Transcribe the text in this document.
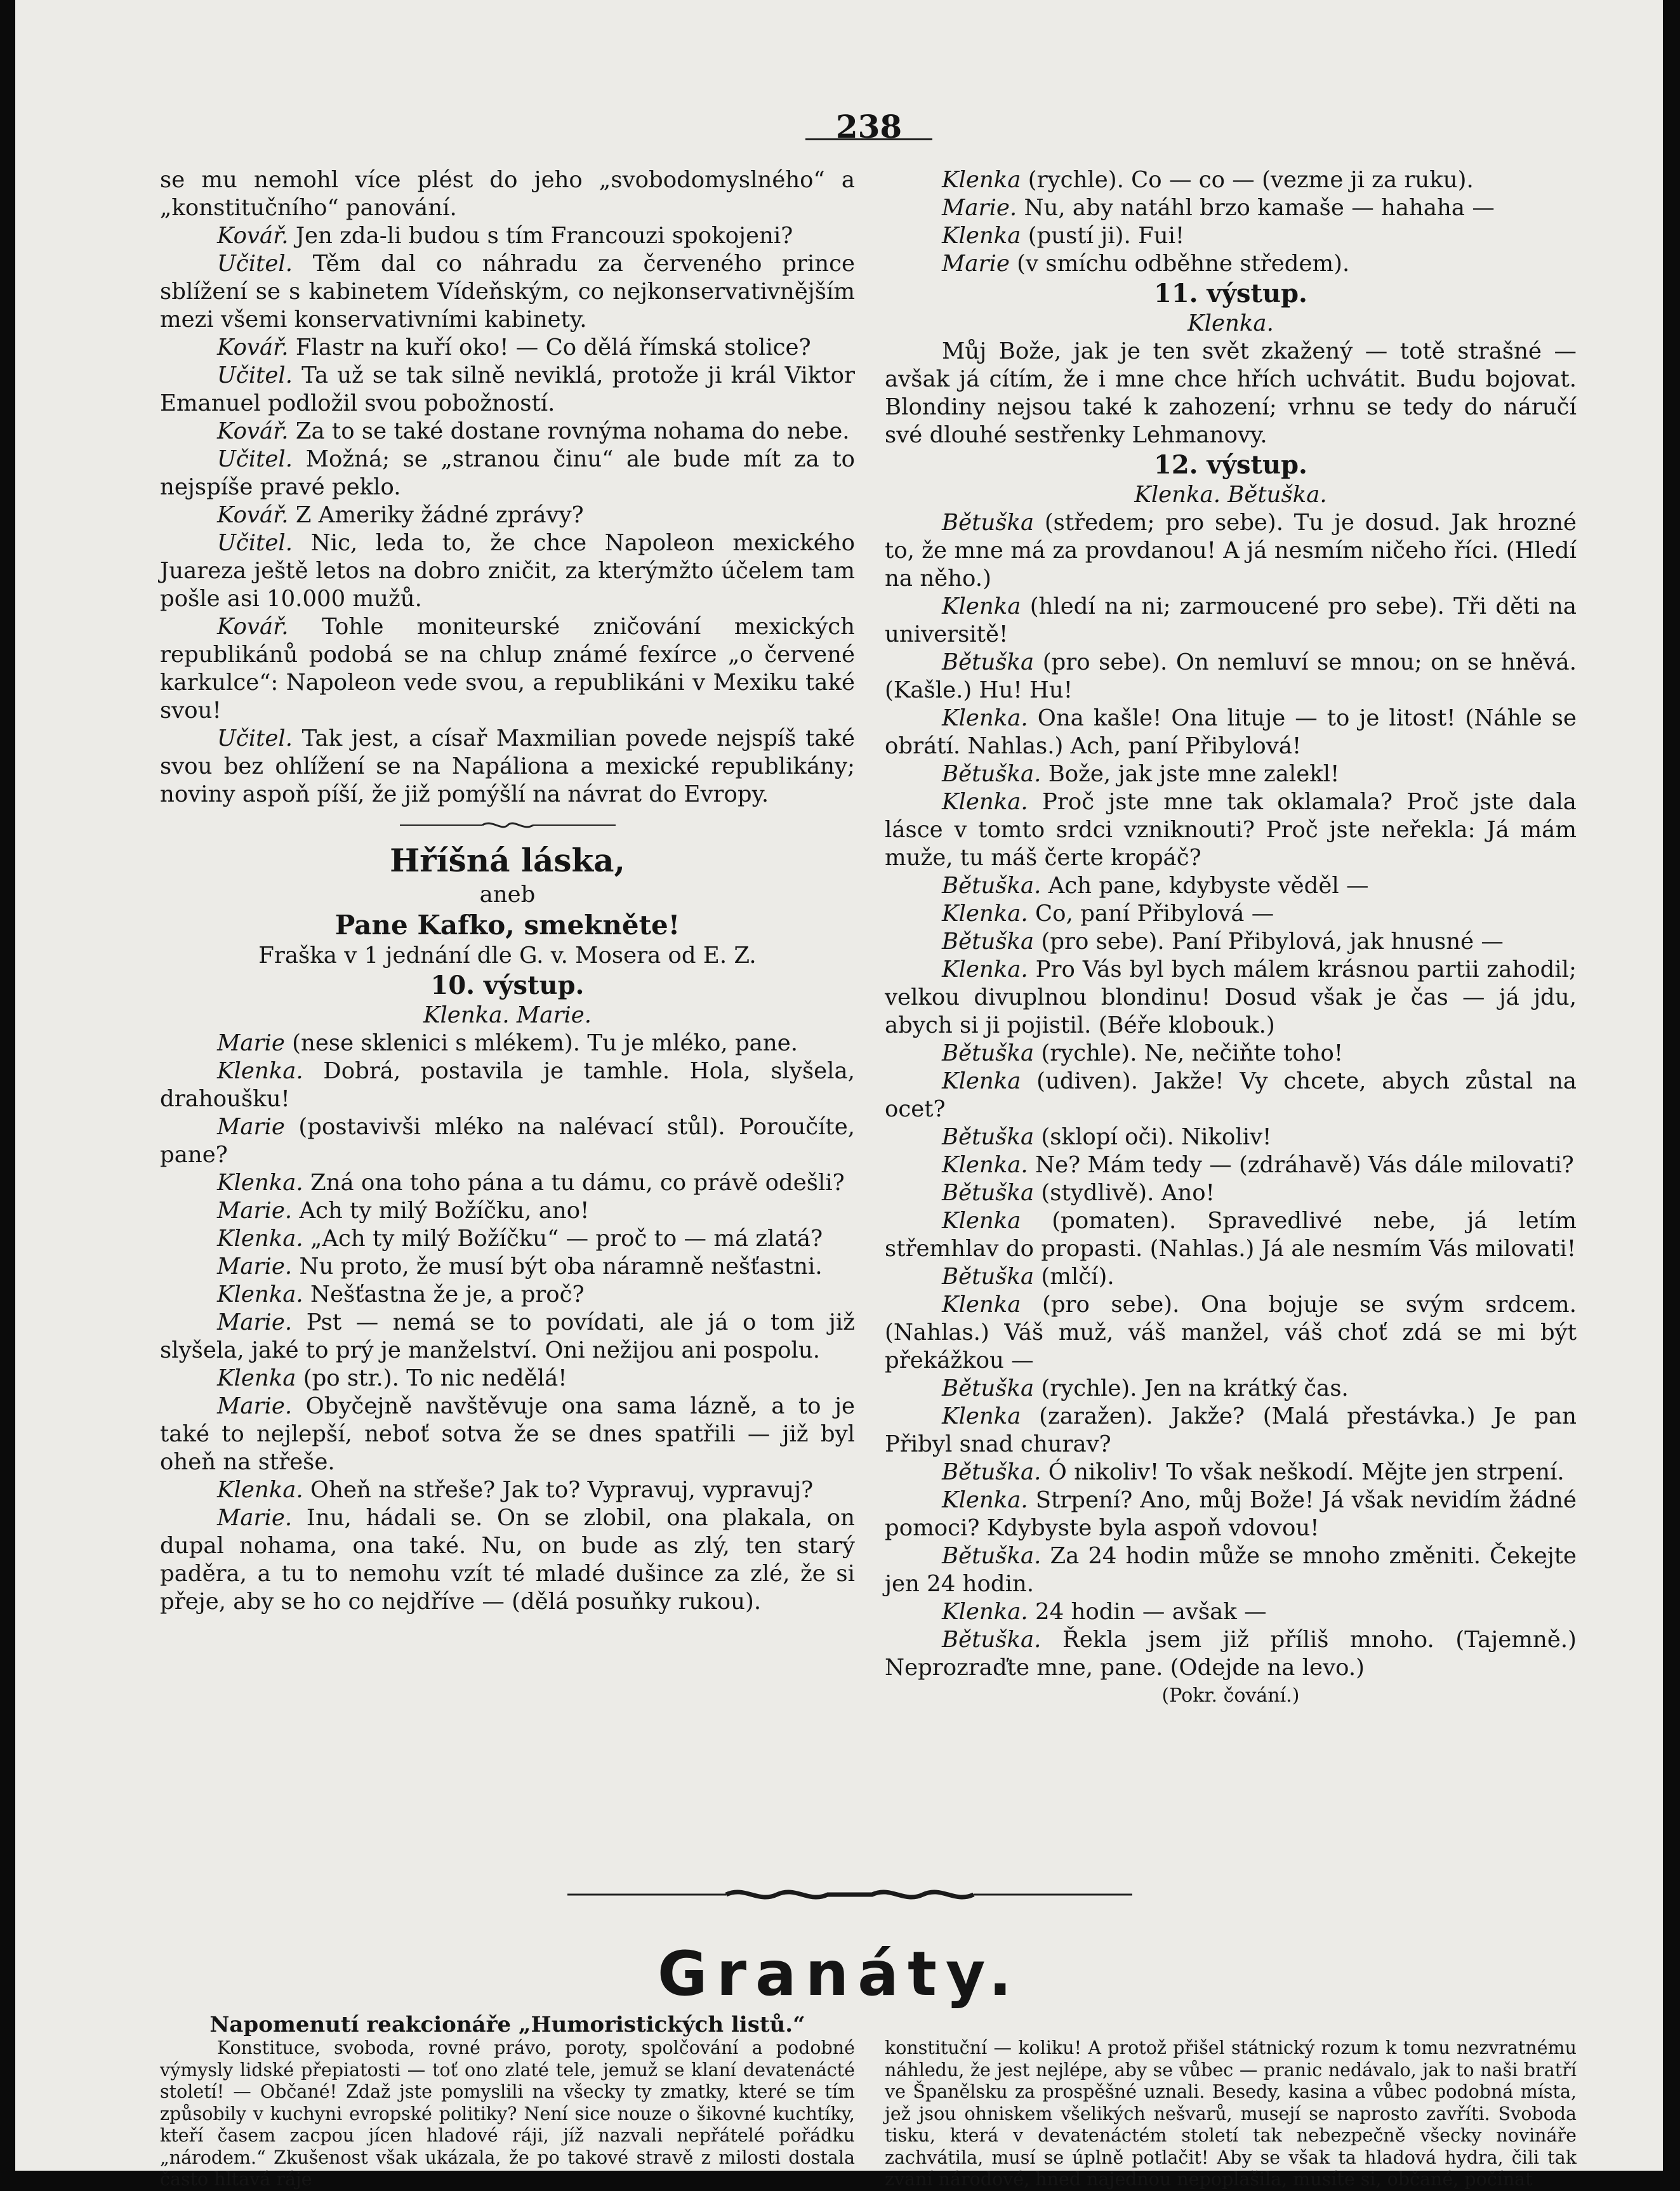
238

se mu nemohl více plést do jeho „svobodomyslného“ a „konstitučního“ panování.

Kovář. Jen zda-li budou s tím Francouzi spokojeni?

Učitel. Těm dal co náhradu za červeného prince sblížení se s kabinetem Vídeňským, co nejkonservativnějším mezi všemi konservativními kabinety.

Kovář. Flastr na kuří oko! — Co dělá římská stolice?

Učitel. Ta už se tak silně neviklá, protože ji král Viktor Emanuel podložil svou pobožností.

Kovář. Za to se také dostane rovnýma nohama do nebe.

Učitel. Možná; se „stranou činu“ ale bude mít za to nejspíše pravé peklo.

Kovář. Z Ameriky žádné zprávy?

Učitel. Nic, leda to, že chce Napoleon mexického Juareza ještě letos na dobro zničit, za kterýmžto účelem tam pošle asi 10.000 mužů.

Kovář. Tohle moniteurské zničování mexických republikánů podobá se na chlup známé fexírce „o červené karkulce“: Napoleon vede svou, a republikáni v Mexiku také svou!

Učitel. Tak jest, a císař Maxmilian povede nejspíš také svou bez ohlížení se na Napáliona a mexické republikány; noviny aspoň píší, že již pomýšlí na návrat do Evropy.

Hříšná láska,

aneb

Pane Kafko, smekněte!

Fraška v 1 jednání dle G. v. Mosera od E. Z.

10. výstup.

Klenka. Marie.

Marie (nese sklenici s mlékem). Tu je mléko, pane.

Klenka. Dobrá, postavila je tamhle. Hola, slyšela, drahoušku!

Marie (postavivši mléko na nalévací stůl). Poroučíte, pane?

Klenka. Zná ona toho pána a tu dámu, co právě odešli?

Marie. Ach ty milý Božíčku, ano!

Klenka. „Ach ty milý Božíčku“ — proč to — má zlatá?

Marie. Nu proto, že musí být oba náramně nešťastni.

Klenka. Nešťastna že je, a proč?

Marie. Pst — nemá se to povídati, ale já o tom již slyšela, jaké to prý je manželství. Oni nežijou ani pospolu.

Klenka (po str.). To nic nedělá!

Marie. Obyčejně navštěvuje ona sama lázně, a to je také to nejlepší, neboť sotva že se dnes spatřili — již byl oheň na střeše.

Klenka. Oheň na střeše? Jak to? Vypravuj, vypravuj?

Marie. Inu, hádali se. On se zlobil, ona plakala, on dupal nohama, ona také. Nu, on bude as zlý, ten starý paděra, a tu to nemohu vzít té mladé dušince za zlé, že si přeje, aby se ho co nejdříve — (dělá posuňky rukou).

Klenka (rychle). Co — co — (vezme ji za ruku).

Marie. Nu, aby natáhl brzo kamaše — hahaha —

Klenka (pustí ji). Fui!

Marie (v smíchu odběhne středem).

11. výstup.

Klenka.

Můj Bože, jak je ten svět zkažený — totě strašné — avšak já cítím, že i mne chce hřích uchvátit. Budu bojovat. Blondiny nejsou také k zahození; vrhnu se tedy do náručí své dlouhé sestřenky Lehmanovy.

12. výstup.

Klenka. Bětuška.

Bětuška (středem; pro sebe). Tu je dosud. Jak hrozné to, že mne má za provdanou! A já nesmím ničeho říci. (Hledí na něho.)

Klenka (hledí na ni; zarmoucené pro sebe). Tři děti na universitě!

Bětuška (pro sebe). On nemluví se mnou; on se hněvá. (Kašle.) Hu! Hu!

Klenka. Ona kašle! Ona lituje — to je litost! (Náhle se obrátí. Nahlas.) Ach, paní Přibylová!

Bětuška. Bože, jak jste mne zalekl!

Klenka. Proč jste mne tak oklamala? Proč jste dala lásce v tomto srdci vzniknouti? Proč jste neřekla: Já mám muže, tu máš čerte kropáč?

Bětuška. Ach pane, kdybyste věděl —

Klenka. Co, paní Přibylová —

Bětuška (pro sebe). Paní Přibylová, jak hnusné —

Klenka. Pro Vás byl bych málem krásnou partii zahodil; velkou divuplnou blondinu! Dosud však je čas — já jdu, abych si ji pojistil. (Béře klobouk.)

Bětuška (rychle). Ne, nečiňte toho!

Klenka (udiven). Jakže! Vy chcete, abych zůstal na ocet?

Bětuška (sklopí oči). Nikoliv!

Klenka. Ne? Mám tedy — (zdráhavě) Vás dále milovati?

Bětuška (stydlivě). Ano!

Klenka (pomaten). Spravedlivé nebe, já letím střemhlav do propasti. (Nahlas.) Já ale nesmím Vás milovati!

Bětuška (mlčí).

Klenka (pro sebe). Ona bojuje se svým srdcem. (Nahlas.) Váš muž, váš manžel, váš choť zdá se mi být překážkou —

Bětuška (rychle). Jen na krátký čas.

Klenka (zaražen). Jakže? (Malá přestávka.) Je pan Přibyl snad churav?

Bětuška. Ó nikoliv! To však neškodí. Mějte jen strpení.

Klenka. Strpení? Ano, můj Bože! Já však nevidím žádné pomoci? Kdybyste byla aspoň vdovou!

Bětuška. Za 24 hodin může se mnoho změniti. Čekejte jen 24 hodin.

Klenka. 24 hodin — avšak —

Bětuška. Řekla jsem již příliš mnoho. (Tajemně.) Neprozraďte mne, pane. (Odejde na levo.)

(Pokr. čování.)

Granáty.
Napomenutí reakcionáře „Humoristických listů.“

Konstituce, svoboda, rovné právo, poroty, spolčování a podobné výmysly lidské přepiatosti — toť ono zlaté tele, jemuž se klaní devatenácté století! — Občané! Zdaž jste pomyslili na všecky ty zmatky, které se tím způsobily v kuchyni evropské politiky? Není sice nouze o šikovné kuchtíky, kteří časem zacpou jícen hladové ráji, jíž nazvali nepřátelé pořádku „národem.“ Zkušenost však ukázala, že po takové stravě z milosti dostala často hltavá ráje

konstituční — koliku! A protož přišel státnický rozum k tomu nezvratnému náhledu, že jest nejlépe, aby se vůbec — pranic nedávalo, jak to naši bratří ve Španělsku za prospěšné uznali. Besedy, kasina a vůbec podobná místa, jež jsou ohniskem všelikých nešvarů, musejí se naprosto zavříti. Svoboda tisku, která v devatenáctém století tak nebezpečně všecky novináře zachvátila, musí se úplně potlačit! Aby se však ta hladová hydra, čili tak zvaní národové, hned najednou nepoplašila, musíte si, občané, počínat
